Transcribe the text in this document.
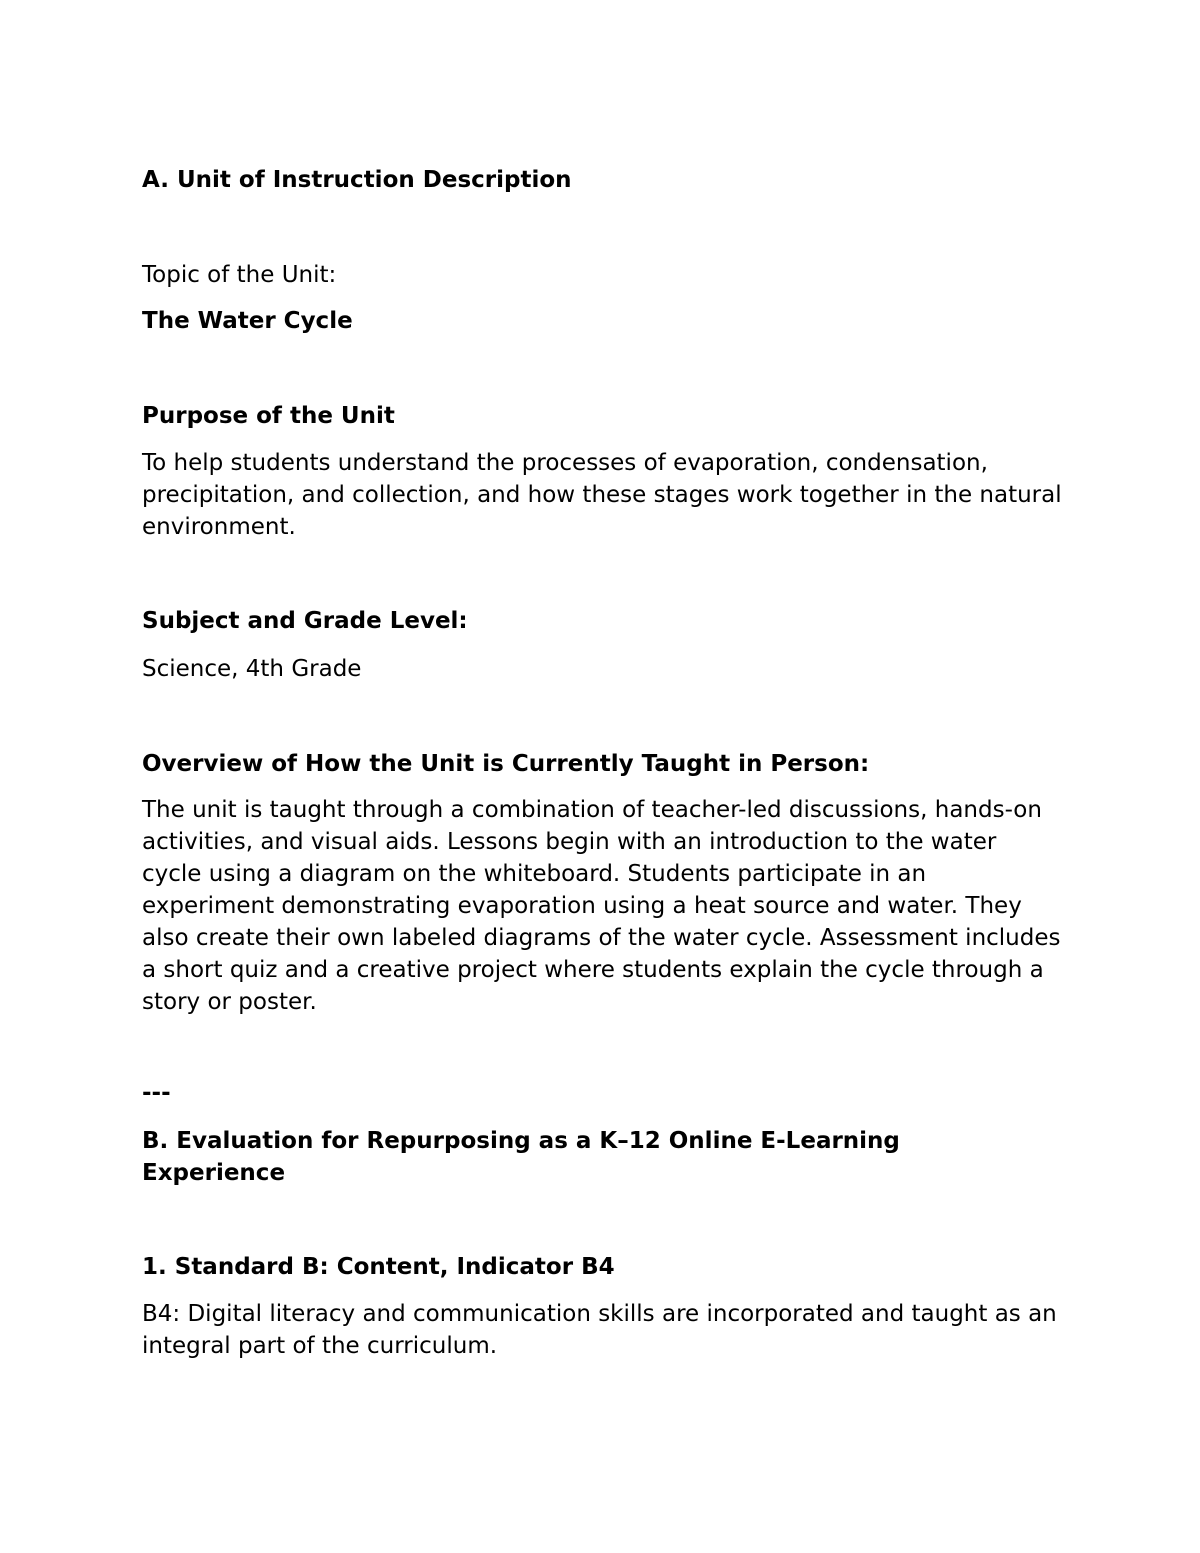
A. Unit of Instruction Description

Topic of the Unit:

The Water Cycle

Purpose of the Unit

To help students understand the processes of evaporation, condensation, precipitation, and collection, and how these stages work together in the natural environment.

Subject and Grade Level:

Science, 4th Grade

Overview of How the Unit is Currently Taught in Person:

The unit is taught through a combination of teacher-led discussions, hands-on activities, and visual aids. Lessons begin with an introduction to the water cycle using a diagram on the whiteboard. Students participate in an experiment demonstrating evaporation using a heat source and water. They also create their own labeled diagrams of the water cycle. Assessment includes a short quiz and a creative project where students explain the cycle through a story or poster.

---

B. Evaluation for Repurposing as a K–12 Online E-Learning Experience

1. Standard B: Content, Indicator B4

B4: Digital literacy and communication skills are incorporated and taught as an integral part of the curriculum.
